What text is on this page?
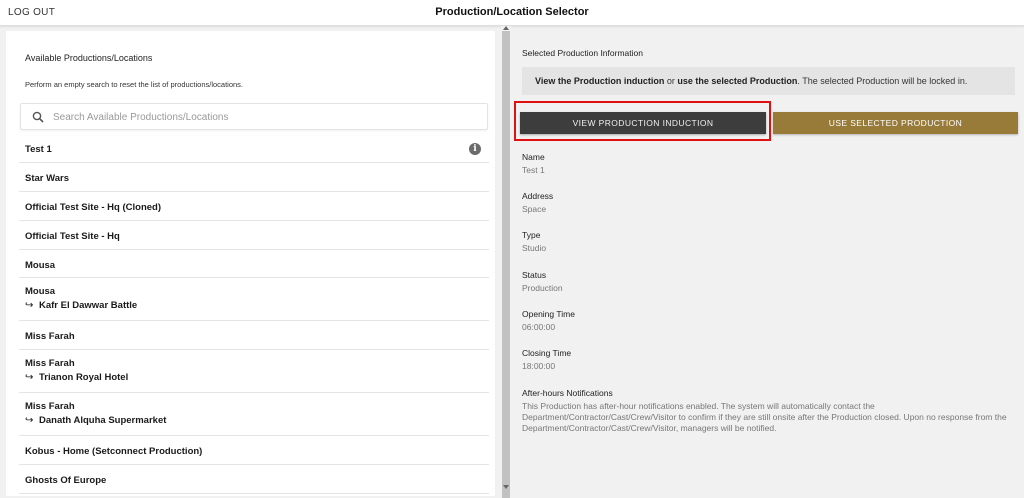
LOG OUT	Production/Location Selector
Available Productions/Locations
Perform an empty search to reset the list of productions/locations.
Search Available Productions/Locations
Test 1	i
Star Wars
Official Test Site - Hq (Cloned)
Official Test Site - Hq
Mousa
Mousa
↪ Kafr El Dawwar Battle
Miss Farah
Miss Farah
↪ Trianon Royal Hotel
Miss Farah
↪ Danath Alquha Supermarket
Kobus - Home (Setconnect Production)
Ghosts Of Europe
Selected Production Information
View the Production induction or use the selected Production. The selected Production will be locked in.
VIEW PRODUCTION INDUCTION	USE SELECTED PRODUCTION
Name
Test 1
Address
Space
Type
Studio
Status
Production
Opening Time
06:00:00
Closing Time
18:00:00
After-hours Notifications
This Production has after-hour notifications enabled. The system will automatically contact the Department/Contractor/Cast/Crew/Visitor to confirm if they are still onsite after the Production closed. Upon no response from the Department/Contractor/Cast/Crew/Visitor, managers will be notified.
